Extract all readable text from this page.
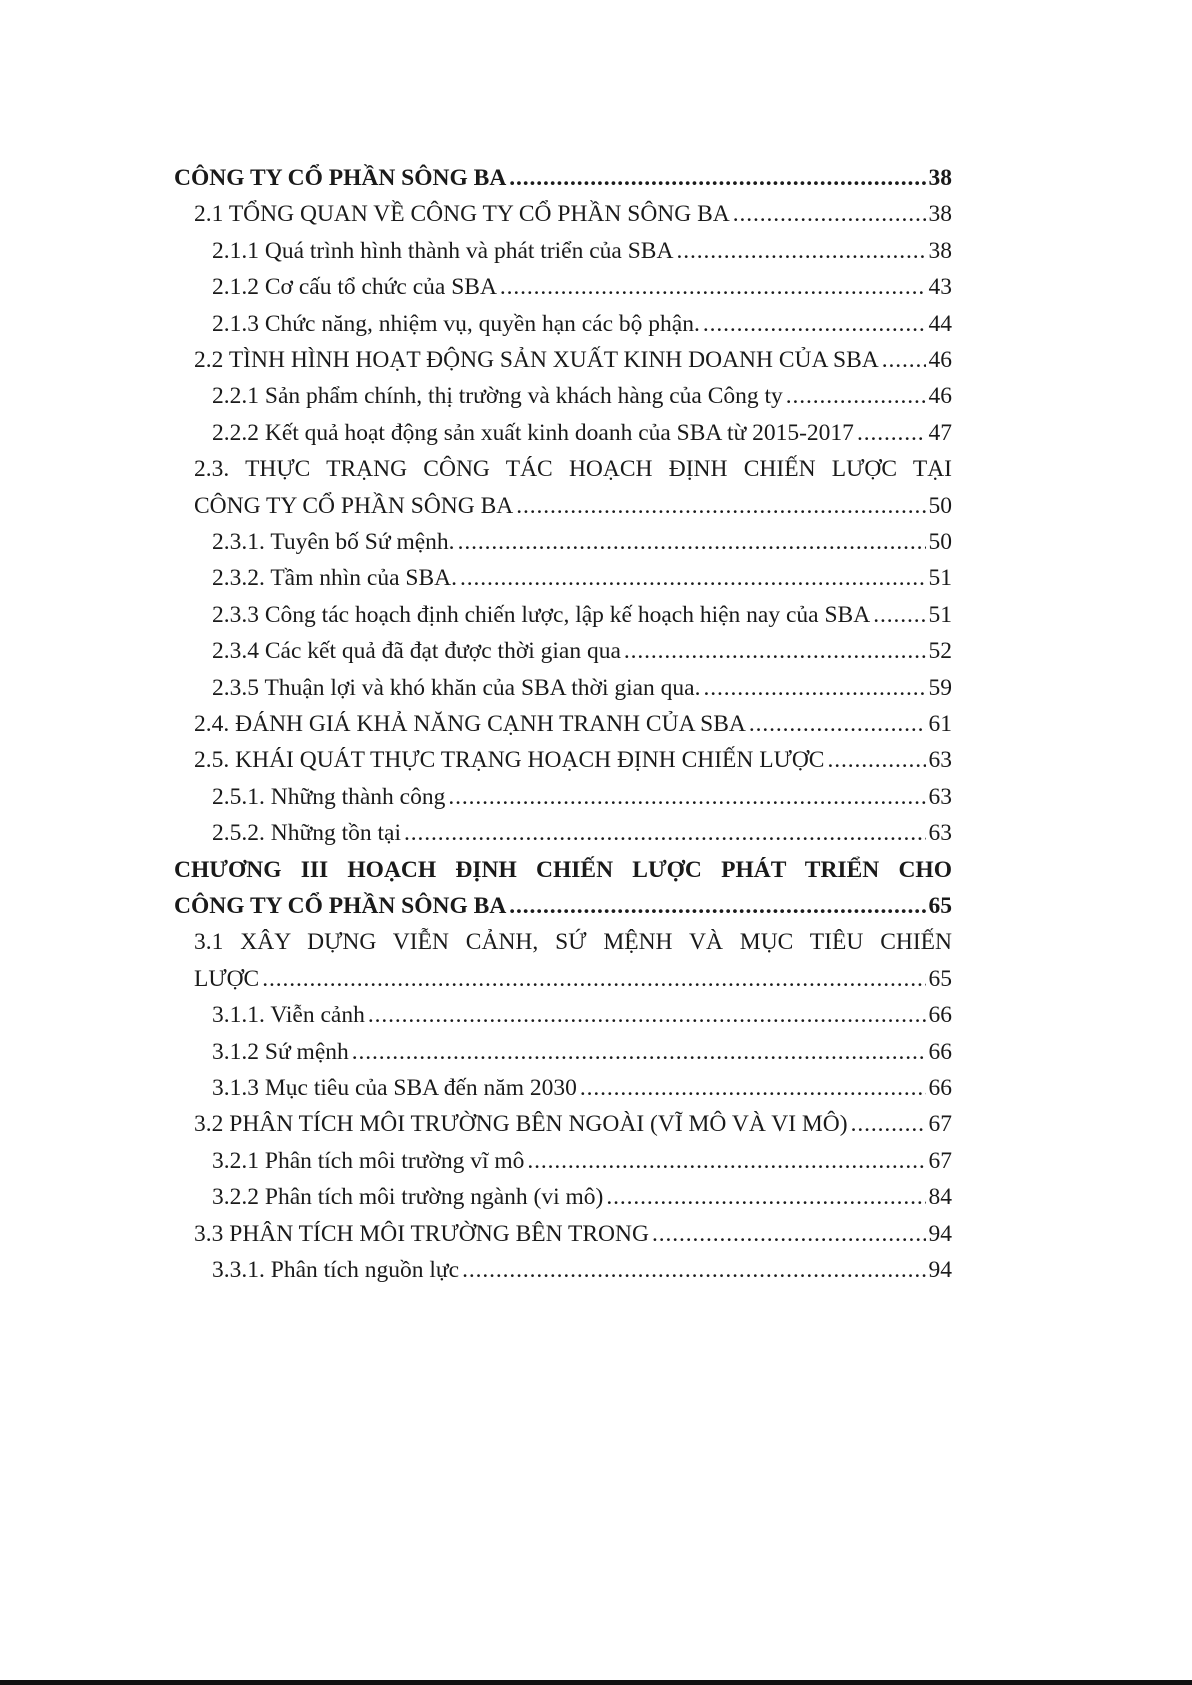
CÔNG TY CỔ PHẦN SÔNG BA . . .	38
2.1 TỔNG QUAN VỀ CÔNG TY CỔ PHẦN SÔNG BA . . .	38
2.1.1 Quá trình hình thành và phát triển của SBA . . .	38
2.1.2 Cơ cấu tổ chức của SBA . . .	43
2.1.3 Chức năng, nhiệm vụ, quyền hạn các bộ phận. . . .	44
2.2 TÌNH HÌNH HOẠT ĐỘNG SẢN XUẤT KINH DOANH CỦA SBA . . . 46
2.2.1 Sản phẩm chính, thị trường và khách hàng của Công ty . . .	46
2.2.2 Kết quả hoạt động sản xuất kinh doanh của SBA từ 2015-2017 . . .	47
2.3. THỰC TRẠNG CÔNG TÁC HOẠCH ĐỊNH CHIẾN LƯỢC TẠI
CÔNG TY CỔ PHẦN SÔNG BA . . .	50
2.3.1. Tuyên bố Sứ mệnh. . . .	50
2.3.2. Tầm nhìn của SBA. . . .	51
2.3.3 Công tác hoạch định chiến lược, lập kế hoạch hiện nay của SBA . . . 51
2.3.4 Các kết quả đã đạt được thời gian qua . . .	52
2.3.5 Thuận lợi và khó khăn của SBA thời gian qua. . . .	59
2.4. ĐÁNH GIÁ KHẢ NĂNG CẠNH TRANH CỦA SBA . . .	61
2.5. KHÁI QUÁT THỰC TRẠNG HOẠCH ĐỊNH CHIẾN LƯỢC . . .	63
2.5.1. Những thành công . . .	63
2.5.2. Những tồn tại . . .	63
CHƯƠNG III HOẠCH ĐỊNH CHIẾN LƯỢC PHÁT TRIỂN CHO
CÔNG TY CỔ PHẦN SÔNG BA . . .	65
3.1 XÂY DỰNG VIỄN CẢNH, SỨ MỆNH VÀ MỤC TIÊU CHIẾN
LƯỢC . . .	65
3.1.1. Viễn cảnh . . .	66
3.1.2 Sứ mệnh . . .	66
3.1.3 Mục tiêu của SBA đến năm 2030 . . .	66
3.2 PHÂN TÍCH MÔI TRƯỜNG BÊN NGOÀI (VĨ MÔ VÀ VI MÔ) . . .	67
3.2.1 Phân tích môi trường vĩ mô . . .	67
3.2.2 Phân tích môi trường ngành (vi mô) . . .	84
3.3 PHÂN TÍCH MÔI TRƯỜNG BÊN TRONG . . .	94
3.3.1. Phân tích nguồn lực . . .	94
